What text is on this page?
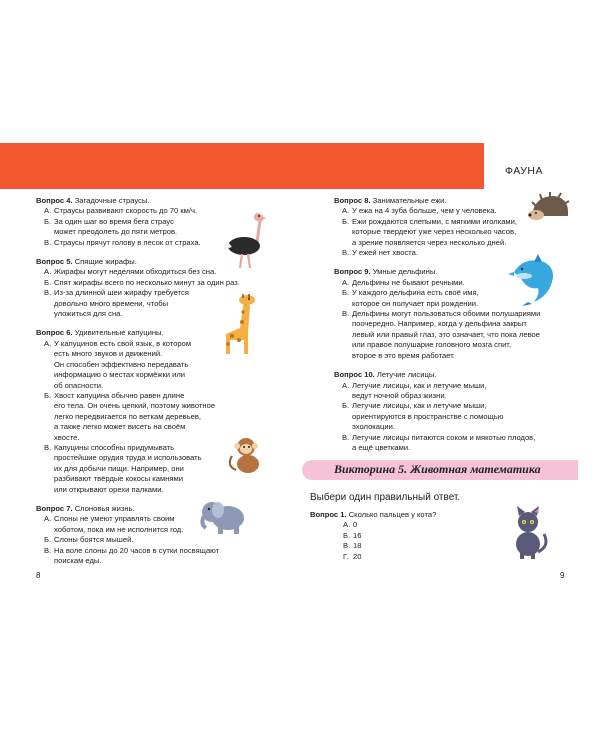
ФАУНА
Вопрос 4. Загадочные страусы.
А. Страусы развивают скорость до 70 км/ч.
Б. За один шаг во время бега страус
может преодолеть до пяти метров.
В. Страусы прячут голову в песок от страха.
Вопрос 5. Спящие жирафы.
А. Жирафы могут неделями обходиться без сна.
Б. Спят жирафы всего по несколько минут за один раз.
В. Из-за длинной шеи жирафу требуется
довольно много времени, чтобы
уложиться для сна.
Вопрос 6. Удивительные капуцины.
А. У капуцинов есть свой язык, в котором
есть много звуков и движений.
Он способен эффективно передавать
информацию о местах кормёжки или
об опасности.
Б. Хвост капуцина обычно равен длине
его тела. Он очень цепкий, поэтому животное
легко передвигается по веткам деревьев,
а также легко может висеть на своём
хвосте.
В. Капуцины способны придумывать
простейшие орудия труда и использовать
их для добычи пищи. Например, они
разбивают твёрдые кокосы камнями
или открывают орехи палками.
Вопрос 7. Слоновья жизнь.
А. Слоны не умеют управлять своим
хоботом, пока им не исполнится год.
Б. Слоны боятся мышей.
В. На воле слоны до 20 часов в сутки посвящают
поискам еды.
Вопрос 8. Занимательные ежи.
А. У ежа на 4 зуба больше, чем у человека.
Б. Ежи рождаются слепыми, с мягкими иголками,
которые твердеют уже через несколько часов,
а зрение появляется через несколько дней.
В. У ежей нет хвоста.
Вопрос 9. Умные дельфины.
А. Дельфины не бывают речными.
Б. У каждого дельфина есть своё имя,
которое он получает при рождении.
В. Дельфины могут пользоваться обоими полушариями
поочередно. Например, когда у дельфина закрыт
левый или правый глаз, это означает, что пока левое
или правое полушарие головного мозга спит,
второе в это время работает.
Вопрос 10. Летучие лисицы.
А. Летучие лисицы, как и летучие мыши,
ведут ночной образ жизни.
Б. Летучие лисицы, как и летучие мыши,
ориентируются в пространстве с помощью
эхолокации.
В. Летучие лисицы питаются соком и мякотью плодов,
а ещё цветками.
Викторина 5. Животная математика
Выбери один правильный ответ.
Вопрос 1. Сколько пальцев у кота?
А. 0
Б. 16
В. 18
Г. 20
8	9
